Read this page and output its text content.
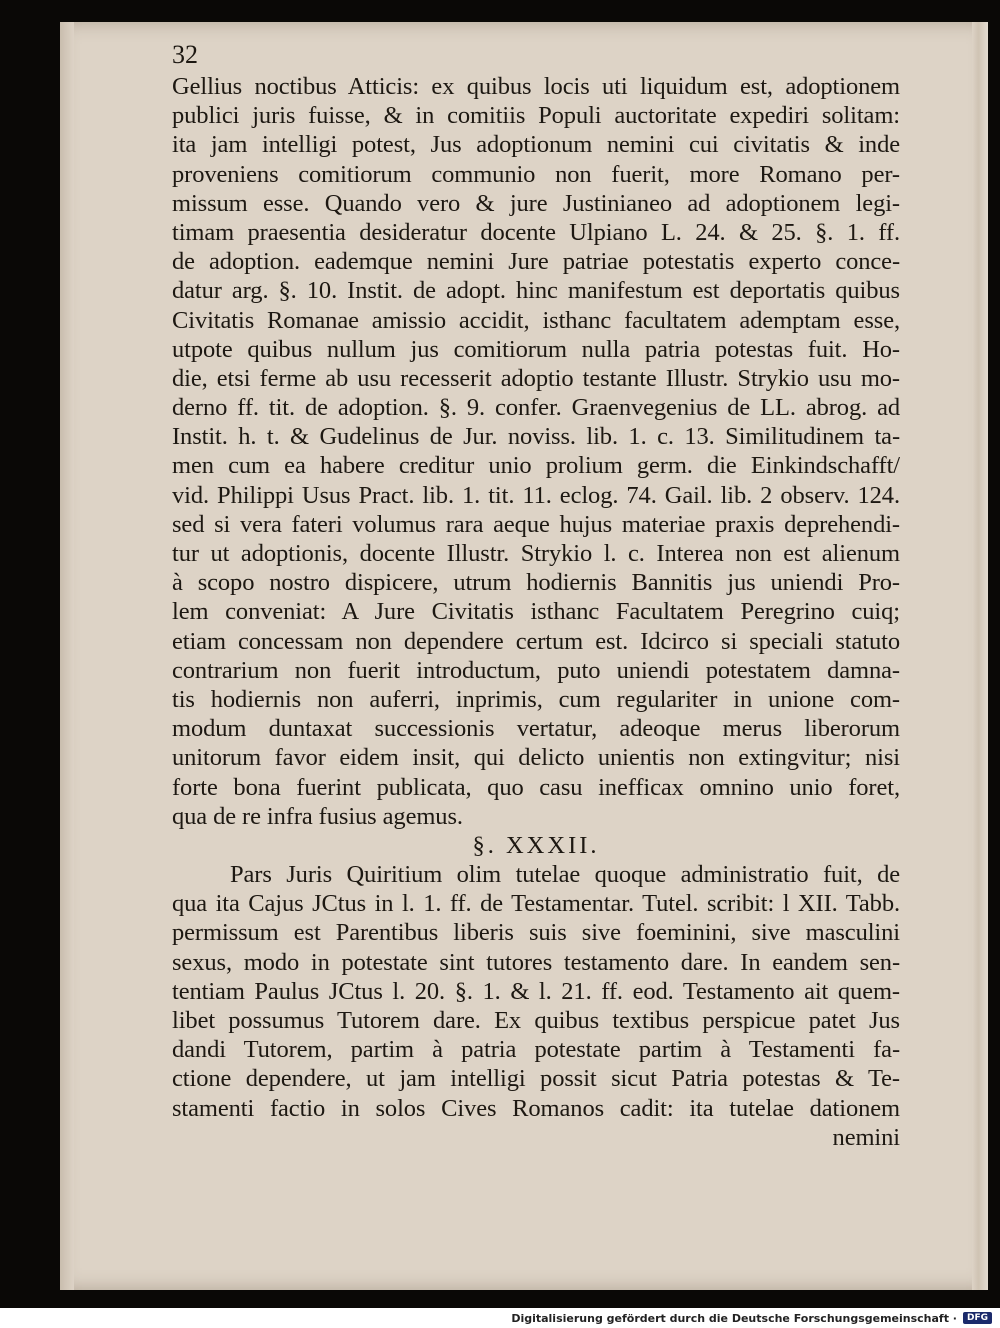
32
Gellius noctibus Atticis: ex quibus locis uti liquidum est, adoptionem
publici juris fuisse, & in comitiis Populi auctoritate expediri solitam:
ita jam intelligi potest, Jus adoptionum nemini cui civitatis & inde
proveniens comitiorum communio non fuerit, more Romano per-
missum esse. Quando vero & jure Justinianeo ad adoptionem legi-
timam praesentia desideratur docente Ulpiano L. 24. & 25. §. 1. ff.
de adoption. eademque nemini Jure patriae potestatis experto conce-
datur arg. §. 10. Instit. de adopt. hinc manifestum est deportatis quibus
Civitatis Romanae amissio accidit, isthanc facultatem ademptam esse,
utpote quibus nullum jus comitiorum nulla patria potestas fuit. Ho-
die, etsi ferme ab usu recesserit adoptio testante Illustr. Strykio usu mo-
derno ff. tit. de adoption. §. 9. confer. Graenvegenius de LL. abrog. ad
Instit. h. t. & Gudelinus de Jur. noviss. lib. 1. c. 13. Similitudinem ta-
men cum ea habere creditur unio prolium germ. die Einkindschafft/
vid. Philippi Usus Pract. lib. 1. tit. 11. eclog. 74. Gail. lib. 2 observ. 124.
sed si vera fateri volumus rara aeque hujus materiae praxis deprehendi-
tur ut adoptionis, docente Illustr. Strykio l. c. Interea non est alienum
à scopo nostro dispicere, utrum hodiernis Bannitis jus uniendi Pro-
lem conveniat: A Jure Civitatis isthanc Facultatem Peregrino cuiq;
etiam concessam non dependere certum est. Idcirco si speciali statuto
contrarium non fuerit introductum, puto uniendi potestatem damna-
tis hodiernis non auferri, inprimis, cum regulariter in unione com-
modum duntaxat successionis vertatur, adeoque merus liberorum
unitorum favor eidem insit, qui delicto unientis non extingvitur; nisi
forte bona fuerint publicata, quo casu inefficax omnino unio foret,
qua de re infra fusius agemus.
§. XXXII.
Pars Juris Quiritium olim tutelae quoque administratio fuit, de
qua ita Cajus JCtus in l. 1. ff. de Testamentar. Tutel. scribit: l XII. Tabb.
permissum est Parentibus liberis suis sive foeminini, sive masculini
sexus, modo in potestate sint tutores testamento dare. In eandem sen-
tentiam Paulus JCtus l. 20. §. 1. & l. 21. ff. eod. Testamento ait quem-
libet possumus Tutorem dare. Ex quibus textibus perspicue patet Jus
dandi Tutorem, partim à patria potestate partim à Testamenti fa-
ctione dependere, ut jam intelligi possit sicut Patria potestas & Te-
stamenti factio in solos Cives Romanos cadit: ita tutelae dationem
nemini
Digitalisierung gefördert durch die Deutsche Forschungsgemeinschaft ·	DFG
